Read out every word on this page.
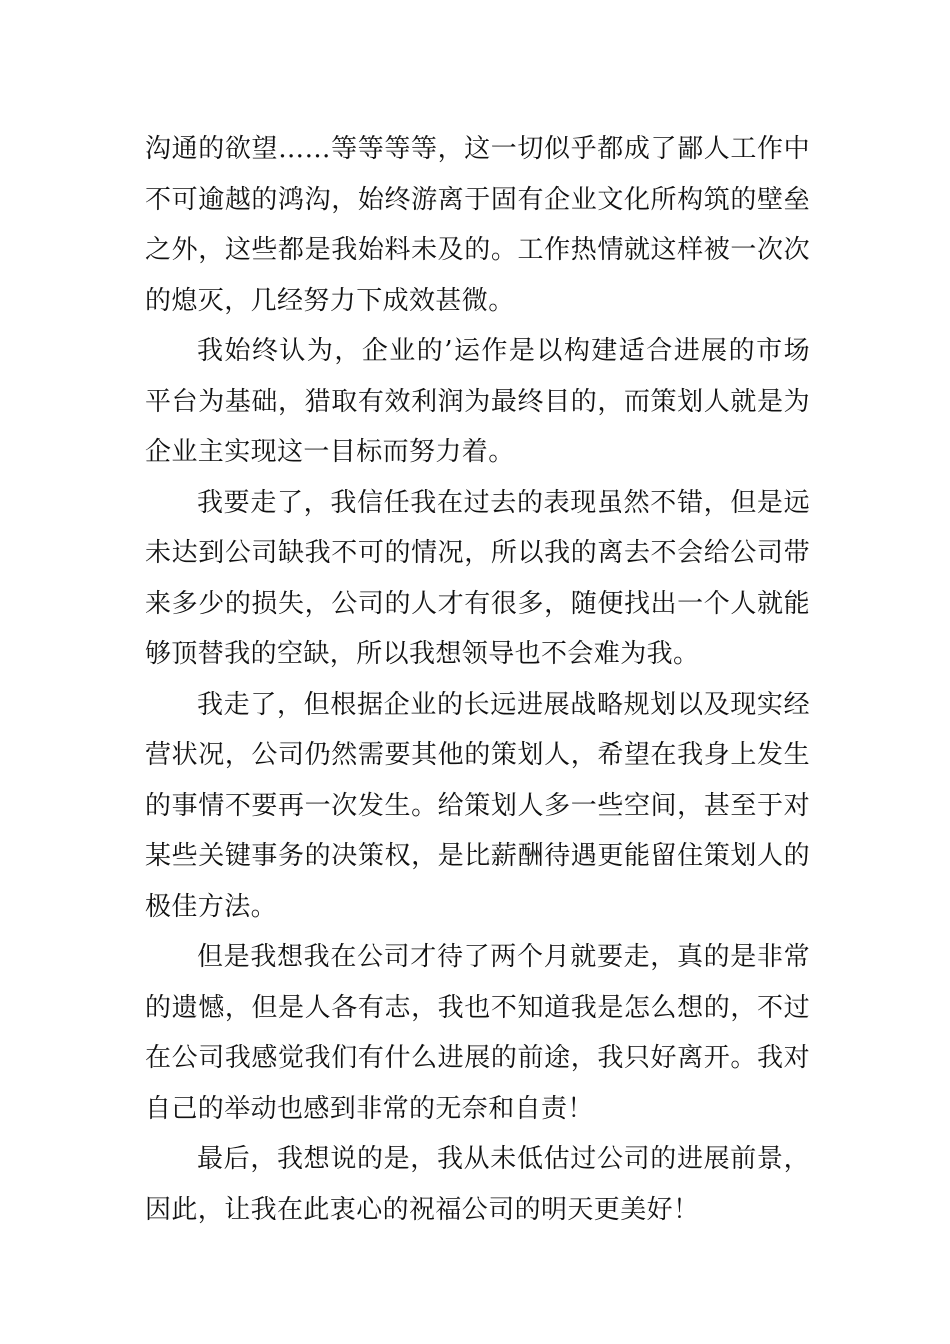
沟通的欲望……等等等等，这一切似乎都成了鄙人工作中不可逾越的鸿沟，始终游离于固有企业文化所构筑的壁垒之外，这些都是我始料未及的。工作热情就这样被一次次的熄灭，几经努力下成效甚微。

我始终认为，企业的’运作是以构建适合进展的市场平台为基础，猎取有效利润为最终目的，而策划人就是为企业主实现这一目标而努力着。

我要走了，我信任我在过去的表现虽然不错，但是远未达到公司缺我不可的情况，所以我的离去不会给公司带来多少的损失，公司的人才有很多，随便找出一个人就能够顶替我的空缺，所以我想领导也不会难为我。

我走了，但根据企业的长远进展战略规划以及现实经营状况，公司仍然需要其他的策划人，希望在我身上发生的事情不要再一次发生。给策划人多一些空间，甚至于对某些关键事务的决策权，是比薪酬待遇更能留住策划人的极佳方法。

但是我想我在公司才待了两个月就要走，真的是非常的遗憾，但是人各有志，我也不知道我是怎么想的，不过在公司我感觉我们有什么进展的前途，我只好离开。我对自己的举动也感到非常的无奈和自责！

最后，我想说的是，我从未低估过公司的进展前景，因此，让我在此衷心的祝福公司的明天更美好！
